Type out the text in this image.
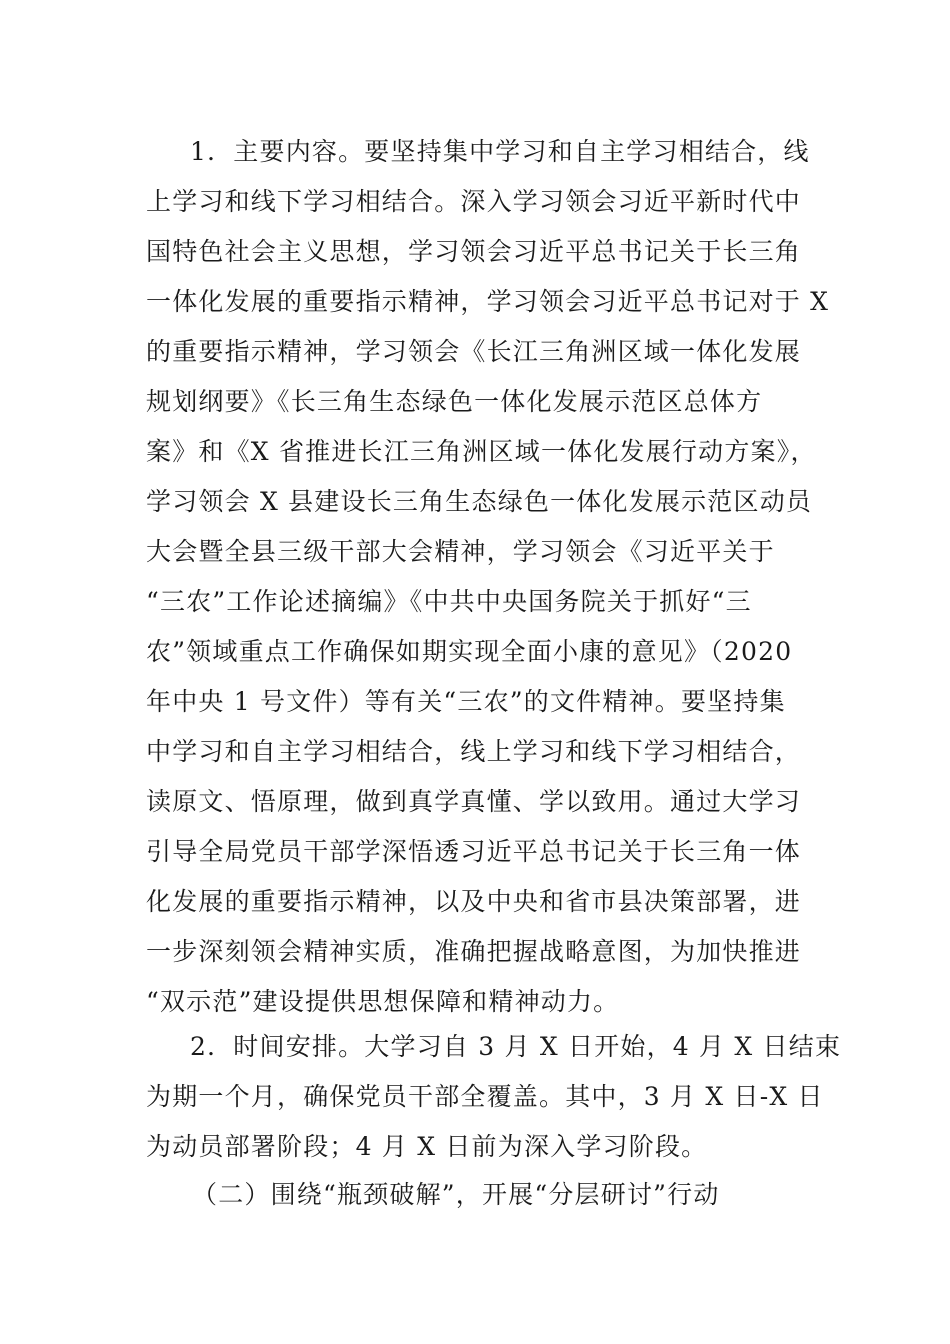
1．主要内容。要坚持集中学习和自主学习相结合，线
上学习和线下学习相结合。深入学习领会习近平新时代中
国特色社会主义思想，学习领会习近平总书记关于长三角
一体化发展的重要指示精神，学习领会习近平总书记对于 X
的重要指示精神，学习领会《长江三角洲区域一体化发展
规划纲要》《长三角生态绿色一体化发展示范区总体方
案》和《X 省推进长江三角洲区域一体化发展行动方案》，
学习领会 X 县建设长三角生态绿色一体化发展示范区动员
大会暨全县三级干部大会精神，学习领会《习近平关于
“三农”工作论述摘编》《中共中央国务院关于抓好“三
农”领域重点工作确保如期实现全面小康的意见》（2020
年中央 1 号文件）等有关“三农”的文件精神。要坚持集
中学习和自主学习相结合，线上学习和线下学习相结合，
读原文、悟原理，做到真学真懂、学以致用。通过大学习
引导全局党员干部学深悟透习近平总书记关于长三角一体
化发展的重要指示精神，以及中央和省市县决策部署，进
一步深刻领会精神实质，准确把握战略意图，为加快推进
“双示范”建设提供思想保障和精神动力。
2．时间安排。大学习自 3 月 X 日开始，4 月 X 日结束
为期一个月，确保党员干部全覆盖。其中，3 月 X 日-X 日
为动员部署阶段；4 月 X 日前为深入学习阶段。
（二）围绕“瓶颈破解”，开展“分层研讨”行动
